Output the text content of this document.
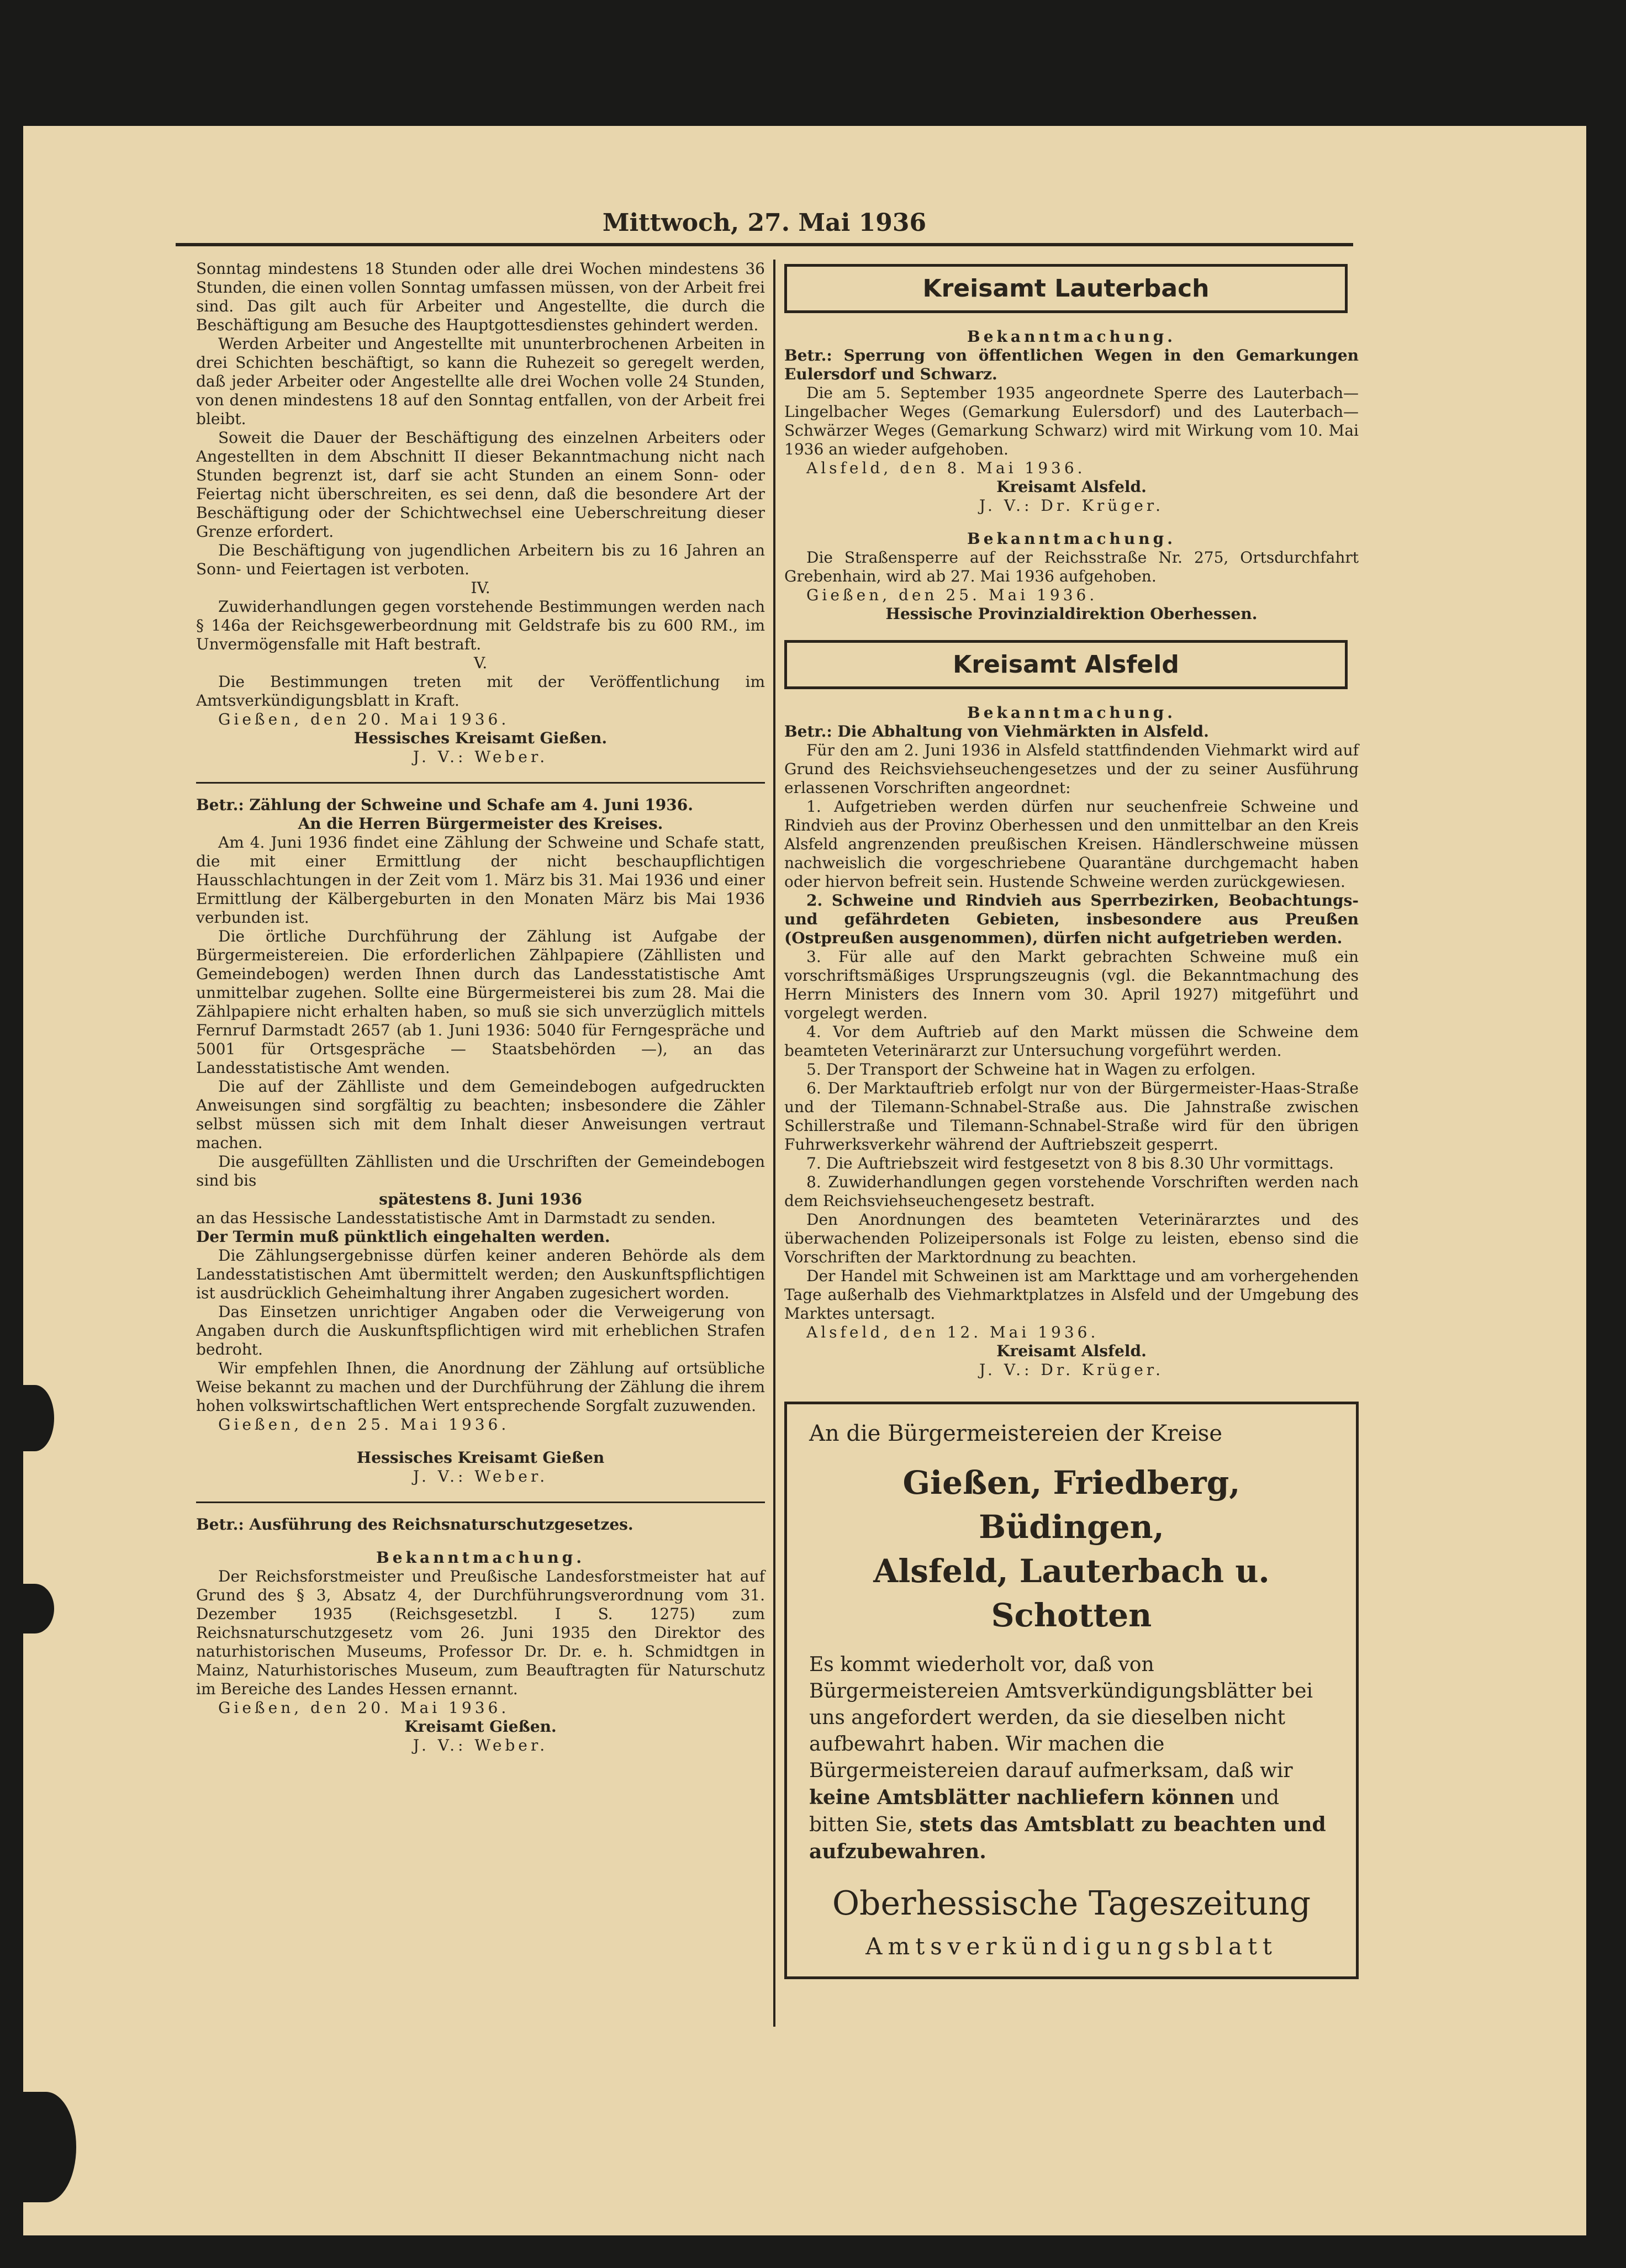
Mittwoch, 27. Mai 1936

Sonntag mindestens 18 Stunden oder alle drei Wochen mindestens 36 Stunden, die einen vollen Sonntag umfassen müssen, von der Arbeit frei sind. Das gilt auch für Arbeiter und Angestellte, die durch die Beschäftigung am Besuche des Hauptgottesdienstes gehindert werden.

Werden Arbeiter und Angestellte mit ununterbrochenen Arbeiten in drei Schichten beschäftigt, so kann die Ruhezeit so geregelt werden, daß jeder Arbeiter oder Angestellte alle drei Wochen volle 24 Stunden, von denen mindestens 18 auf den Sonntag entfallen, von der Arbeit frei bleibt.

Soweit die Dauer der Beschäftigung des einzelnen Arbeiters oder Angestellten in dem Abschnitt II dieser Bekanntmachung nicht nach Stunden begrenzt ist, darf sie acht Stunden an einem Sonn- oder Feiertag nicht überschreiten, es sei denn, daß die besondere Art der Beschäftigung oder der Schichtwechsel eine Ueberschreitung dieser Grenze erfordert.

Die Beschäftigung von jugendlichen Arbeitern bis zu 16 Jahren an Sonn- und Feiertagen ist verboten.

IV.

Zuwiderhandlungen gegen vorstehende Bestimmungen werden nach § 146a der Reichsgewerbeordnung mit Geldstrafe bis zu 600 RM., im Unvermögensfalle mit Haft bestraft.

V.

Die Bestimmungen treten mit der Veröffentlichung im Amtsverkündigungsblatt in Kraft.

Gießen, den 20. Mai 1936.

Hessisches Kreisamt Gießen.

J. V.: Weber.

Betr.: Zählung der Schweine und Schafe am 4. Juni 1936.

An die Herren Bürgermeister des Kreises.

Am 4. Juni 1936 findet eine Zählung der Schweine und Schafe statt, die mit einer Ermittlung der nicht beschaupflichtigen Hausschlachtungen in der Zeit vom 1. März bis 31. Mai 1936 und einer Ermittlung der Kälbergeburten in den Monaten März bis Mai 1936 verbunden ist.

Die örtliche Durchführung der Zählung ist Aufgabe der Bürgermeistereien. Die erforderlichen Zählpapiere (Zähllisten und Gemeindebogen) werden Ihnen durch das Landesstatistische Amt unmittelbar zugehen. Sollte eine Bürgermeisterei bis zum 28. Mai die Zählpapiere nicht erhalten haben, so muß sie sich unverzüglich mittels Fernruf Darmstadt 2657 (ab 1. Juni 1936: 5040 für Ferngespräche und 5001 für Ortsgespräche — Staatsbehörden —), an das Landesstatistische Amt wenden.

Die auf der Zählliste und dem Gemeindebogen aufgedruckten Anweisungen sind sorgfältig zu beachten; insbesondere die Zähler selbst müssen sich mit dem Inhalt dieser Anweisungen vertraut machen.

Die ausgefüllten Zähllisten und die Urschriften der Gemeindebogen sind bis

spätestens 8. Juni 1936

an das Hessische Landesstatistische Amt in Darmstadt zu senden.

Der Termin muß pünktlich eingehalten werden.

Die Zählungsergebnisse dürfen keiner anderen Behörde als dem Landesstatistischen Amt übermittelt werden; den Auskunftspflichtigen ist ausdrücklich Geheimhaltung ihrer Angaben zugesichert worden.

Das Einsetzen unrichtiger Angaben oder die Verweigerung von Angaben durch die Auskunftspflichtigen wird mit erheblichen Strafen bedroht.

Wir empfehlen Ihnen, die Anordnung der Zählung auf ortsübliche Weise bekannt zu machen und der Durchführung der Zählung die ihrem hohen volkswirtschaftlichen Wert entsprechende Sorgfalt zuzuwenden.

Gießen, den 25. Mai 1936.

Hessisches Kreisamt Gießen

J. V.: Weber.

Betr.: Ausführung des Reichsnaturschutzgesetzes.

Bekanntmachung.

Der Reichsforstmeister und Preußische Landesforstmeister hat auf Grund des § 3, Absatz 4, der Durchführungsverordnung vom 31. Dezember 1935 (Reichsgesetzbl. I S. 1275) zum Reichsnaturschutzgesetz vom 26. Juni 1935 den Direktor des naturhistorischen Museums, Professor Dr. Dr. e. h. Schmidtgen in Mainz, Naturhistorisches Museum, zum Beauftragten für Naturschutz im Bereiche des Landes Hessen ernannt.

Gießen, den 20. Mai 1936.

Kreisamt Gießen.

J. V.: Weber.

Kreisamt Lauterbach

Bekanntmachung.

Betr.: Sperrung von öffentlichen Wegen in den Gemarkungen Eulersdorf und Schwarz.

Die am 5. September 1935 angeordnete Sperre des Lauterbach—Lingelbacher Weges (Gemarkung Eulersdorf) und des Lauterbach—Schwärzer Weges (Gemarkung Schwarz) wird mit Wirkung vom 10. Mai 1936 an wieder aufgehoben.

Alsfeld, den 8. Mai 1936.

Kreisamt Alsfeld.

J. V.: Dr. Krüger.

Bekanntmachung.

Die Straßensperre auf der Reichsstraße Nr. 275, Ortsdurchfahrt Grebenhain, wird ab 27. Mai 1936 aufgehoben.

Gießen, den 25. Mai 1936.

Hessische Provinzialdirektion Oberhessen.

Kreisamt Alsfeld

Bekanntmachung.

Betr.: Die Abhaltung von Viehmärkten in Alsfeld.

Für den am 2. Juni 1936 in Alsfeld stattfindenden Viehmarkt wird auf Grund des Reichsviehseuchengesetzes und der zu seiner Ausführung erlassenen Vorschriften angeordnet:

1. Aufgetrieben werden dürfen nur seuchenfreie Schweine und Rindvieh aus der Provinz Oberhessen und den unmittelbar an den Kreis Alsfeld angrenzenden preußischen Kreisen. Händlerschweine müssen nachweislich die vorgeschriebene Quarantäne durchgemacht haben oder hiervon befreit sein. Hustende Schweine werden zurückgewiesen.

2. Schweine und Rindvieh aus Sperrbezirken, Beobachtungs- und gefährdeten Gebieten, insbesondere aus Preußen (Ostpreußen ausgenommen), dürfen nicht aufgetrieben werden.

3. Für alle auf den Markt gebrachten Schweine muß ein vorschriftsmäßiges Ursprungszeugnis (vgl. die Bekanntmachung des Herrn Ministers des Innern vom 30. April 1927) mitgeführt und vorgelegt werden.

4. Vor dem Auftrieb auf den Markt müssen die Schweine dem beamteten Veterinärarzt zur Untersuchung vorgeführt werden.

5. Der Transport der Schweine hat in Wagen zu erfolgen.

6. Der Marktauftrieb erfolgt nur von der Bürgermeister-Haas-Straße und der Tilemann-Schnabel-Straße aus. Die Jahnstraße zwischen Schillerstraße und Tilemann-Schnabel-Straße wird für den übrigen Fuhrwerksverkehr während der Auftriebszeit gesperrt.

7. Die Auftriebszeit wird festgesetzt von 8 bis 8.30 Uhr vormittags.

8. Zuwiderhandlungen gegen vorstehende Vorschriften werden nach dem Reichsviehseuchengesetz bestraft.

Den Anordnungen des beamteten Veterinärarztes und des überwachenden Polizeipersonals ist Folge zu leisten, ebenso sind die Vorschriften der Marktordnung zu beachten.

Der Handel mit Schweinen ist am Markttage und am vorhergehenden Tage außerhalb des Viehmarktplatzes in Alsfeld und der Umgebung des Marktes untersagt.

Alsfeld, den 12. Mai 1936.

Kreisamt Alsfeld.

J. V.: Dr. Krüger.

An die Bürgermeistereien der Kreise
Gießen, Friedberg, Büdingen,
Alsfeld, Lauterbach u. Schotten
Es kommt wiederholt vor, daß von Bürgermeistereien Amtsverkündigungsblätter bei uns angefordert werden, da sie dieselben nicht aufbewahrt haben. Wir machen die Bürgermeistereien darauf aufmerksam, daß wir keine Amtsblätter nachliefern können und bitten Sie, stets das Amtsblatt zu beachten und aufzubewahren.
Oberhessische Tageszeitung
Amtsverkündigungsblatt
